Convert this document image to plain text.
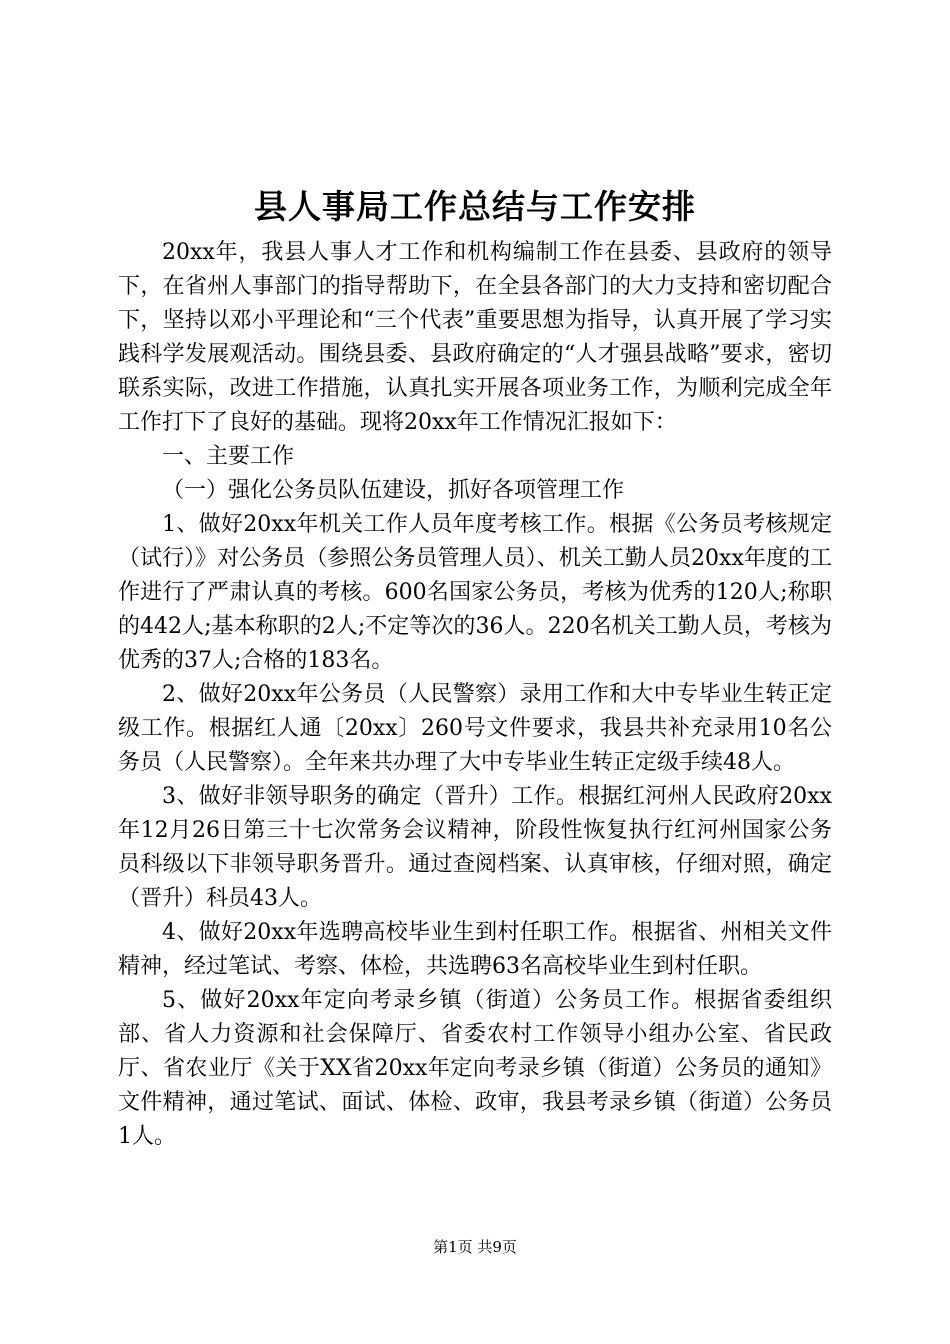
县人事局工作总结与工作安排

20xx年，我县人事人才工作和机构编制工作在县委、县政府的领导下，在省州人事部门的指导帮助下，在全县各部门的大力支持和密切配合下，坚持以邓小平理论和“三个代表”重要思想为指导，认真开展了学习实践科学发展观活动。围绕县委、县政府确定的“人才强县战略”要求，密切联系实际，改进工作措施，认真扎实开展各项业务工作，为顺利完成全年工作打下了良好的基础。现将20xx年工作情况汇报如下：

一、主要工作

（一）强化公务员队伍建设，抓好各项管理工作

1、做好20xx年机关工作人员年度考核工作。根据《公务员考核规定（试行）》对公务员（参照公务员管理人员）、机关工勤人员20xx年度的工作进行了严肃认真的考核。600名国家公务员，考核为优秀的120人;称职的442人;基本称职的2人;不定等次的36人。220名机关工勤人员，考核为优秀的37人;合格的183名。

2、做好20xx年公务员（人民警察）录用工作和大中专毕业生转正定级工作。根据红人通〔20xx〕260号文件要求，我县共补充录用10名公务员（人民警察）。全年来共办理了大中专毕业生转正定级手续48人。

3、做好非领导职务的确定（晋升）工作。根据红河州人民政府20xx年12月26日第三十七次常务会议精神，阶段性恢复执行红河州国家公务员科级以下非领导职务晋升。通过查阅档案、认真审核，仔细对照，确定（晋升）科员43人。

4、做好20xx年选聘高校毕业生到村任职工作。根据省、州相关文件精神，经过笔试、考察、体检，共选聘63名高校毕业生到村任职。

5、做好20xx年定向考录乡镇（街道）公务员工作。根据省委组织部、省人力资源和社会保障厅、省委农村工作领导小组办公室、省民政厅、省农业厅《关于XX省20xx年定向考录乡镇（街道）公务员的通知》文件精神，通过笔试、面试、体检、政审，我县考录乡镇（街道）公务员1人。

第1页 共9页
